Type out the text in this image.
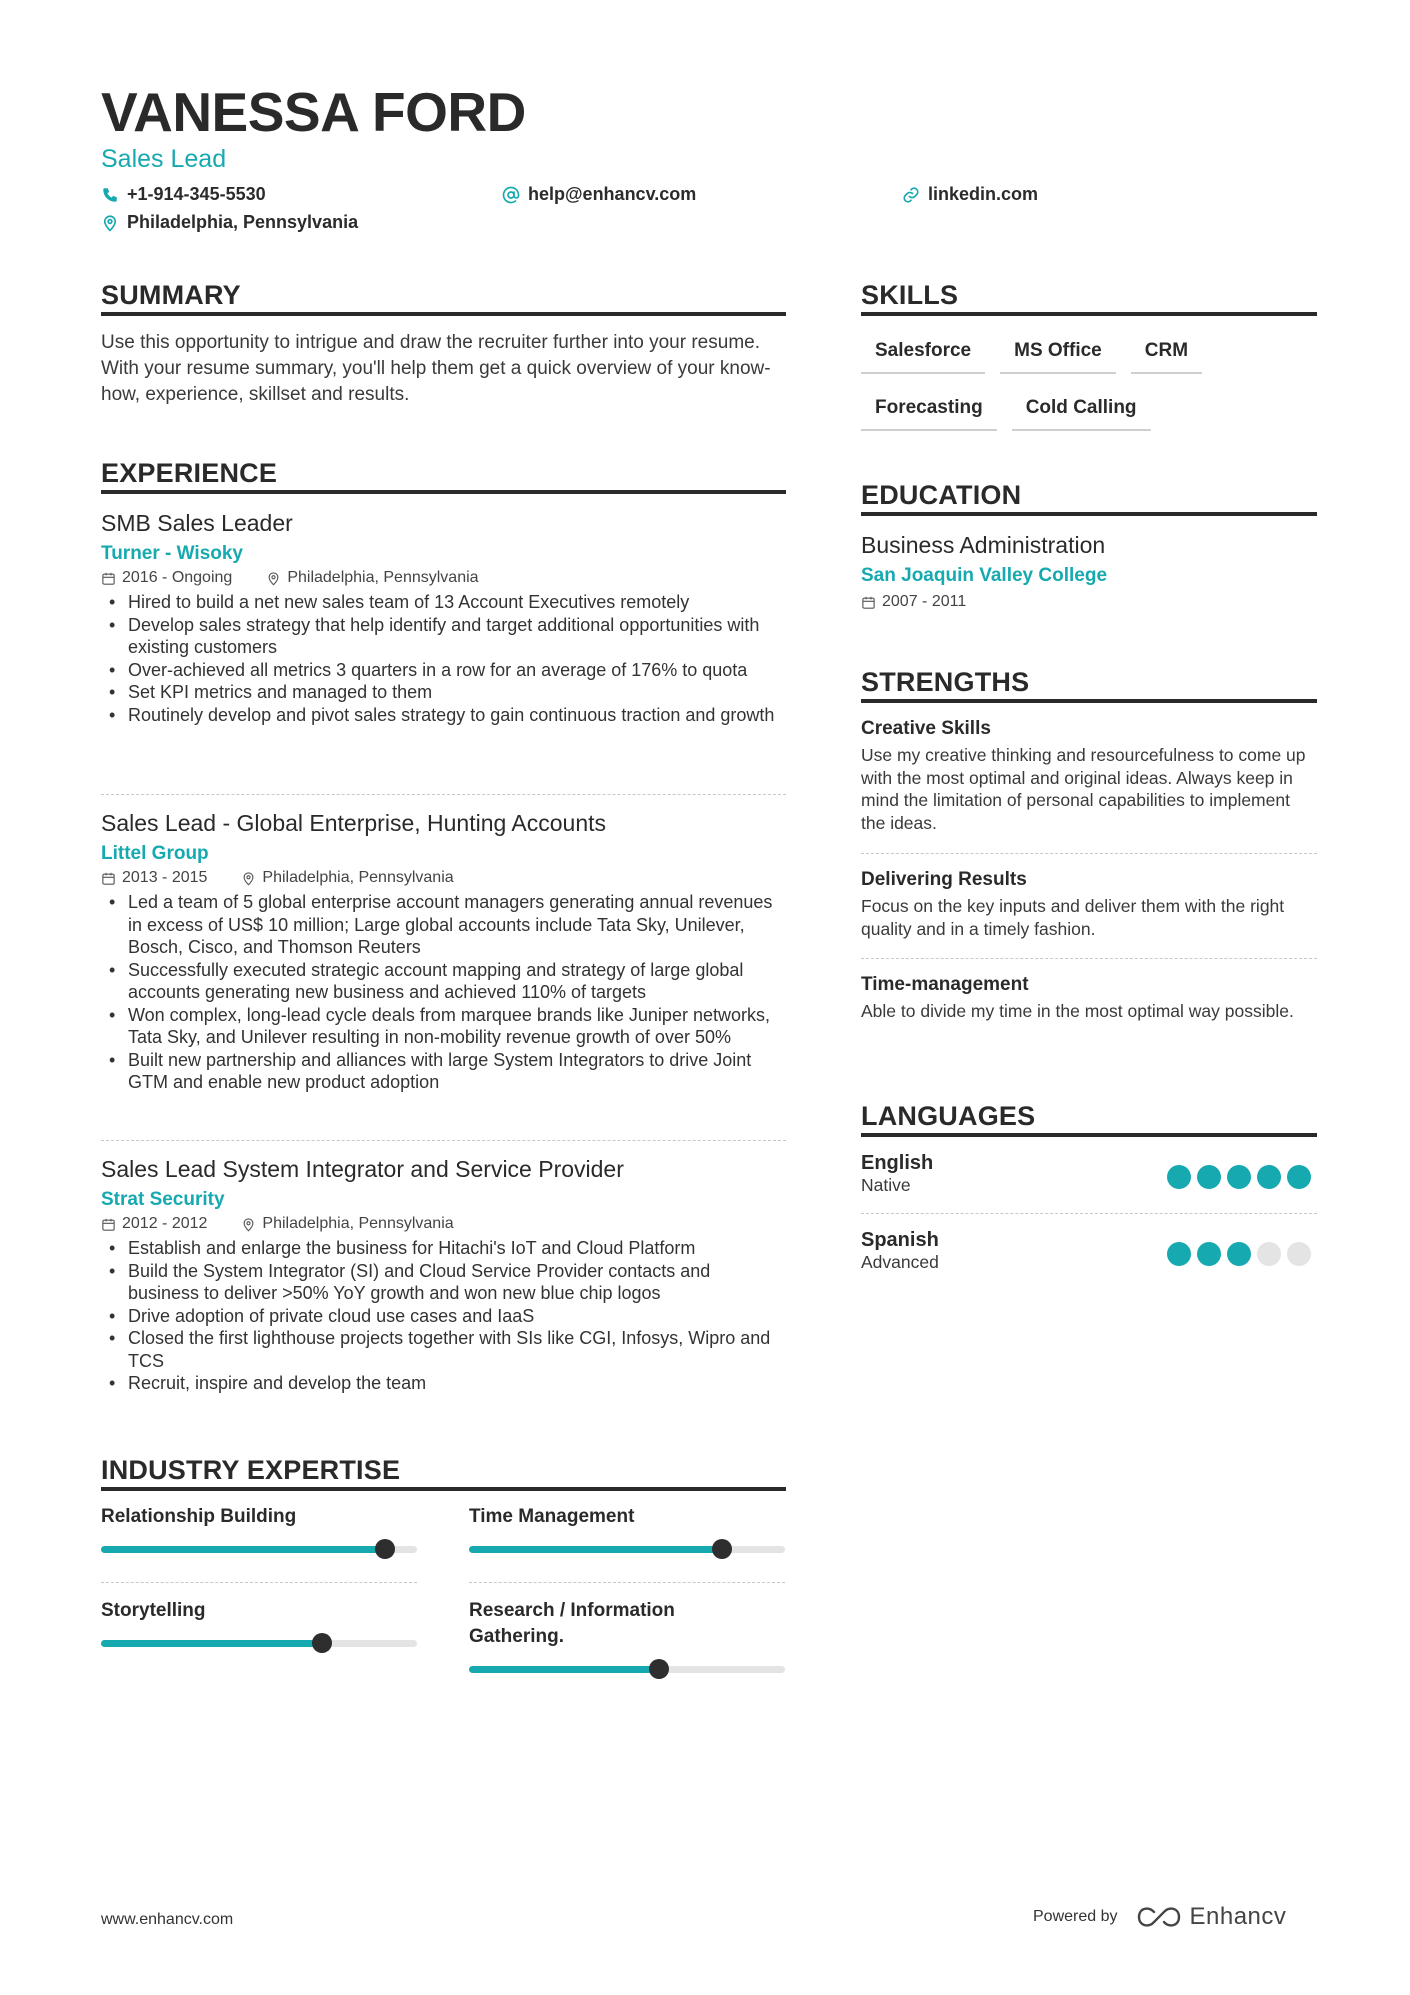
VANESSA FORD
Sales Lead
+1-914-345-5530	help@enhancv.com	linkedin.com
Philadelphia, Pennsylvania
SUMMARY
Use this opportunity to intrigue and draw the recruiter further into your resume. With your resume summary, you'll help them get a quick overview of your know-how, experience, skillset and results.
EXPERIENCE
SMB Sales Leader
Turner - Wisoky
2016 - Ongoing	Philadelphia, Pennsylvania
• Hired to build a net new sales team of 13 Account Executives remotely
• Develop sales strategy that help identify and target additional opportunities with existing customers
• Over-achieved all metrics 3 quarters in a row for an average of 176% to quota
• Set KPI metrics and managed to them
• Routinely develop and pivot sales strategy to gain continuous traction and growth
Sales Lead - Global Enterprise, Hunting Accounts
Littel Group
2013 - 2015	Philadelphia, Pennsylvania
• Led a team of 5 global enterprise account managers generating annual revenues in excess of US$ 10 million; Large global accounts include Tata Sky, Unilever, Bosch, Cisco, and Thomson Reuters
• Successfully executed strategic account mapping and strategy of large global accounts generating new business and achieved 110% of targets
• Won complex, long-lead cycle deals from marquee brands like Juniper networks, Tata Sky, and Unilever resulting in non-mobility revenue growth of over 50%
• Built new partnership and alliances with large System Integrators to drive Joint GTM and enable new product adoption
Sales Lead System Integrator and Service Provider
Strat Security
2012 - 2012	Philadelphia, Pennsylvania
• Establish and enlarge the business for Hitachi's IoT and Cloud Platform
• Build the System Integrator (SI) and Cloud Service Provider contacts and business to deliver >50% YoY growth and won new blue chip logos
• Drive adoption of private cloud use cases and IaaS
• Closed the first lighthouse projects together with SIs like CGI, Infosys, Wipro and TCS
• Recruit, inspire and develop the team
INDUSTRY EXPERTISE
Relationship Building	Time Management
Storytelling	Research / Information Gathering.
SKILLS
Salesforce	MS Office	CRM
Forecasting	Cold Calling
EDUCATION
Business Administration
San Joaquin Valley College
2007 - 2011
STRENGTHS
Creative Skills
Use my creative thinking and resourcefulness to come up with the most optimal and original ideas. Always keep in mind the limitation of personal capabilities to implement the ideas.
Delivering Results
Focus on the key inputs and deliver them with the right quality and in a timely fashion.
Time-management
Able to divide my time in the most optimal way possible.
LANGUAGES
English
Native
Spanish
Advanced
www.enhancv.com	Powered by	Enhancv
